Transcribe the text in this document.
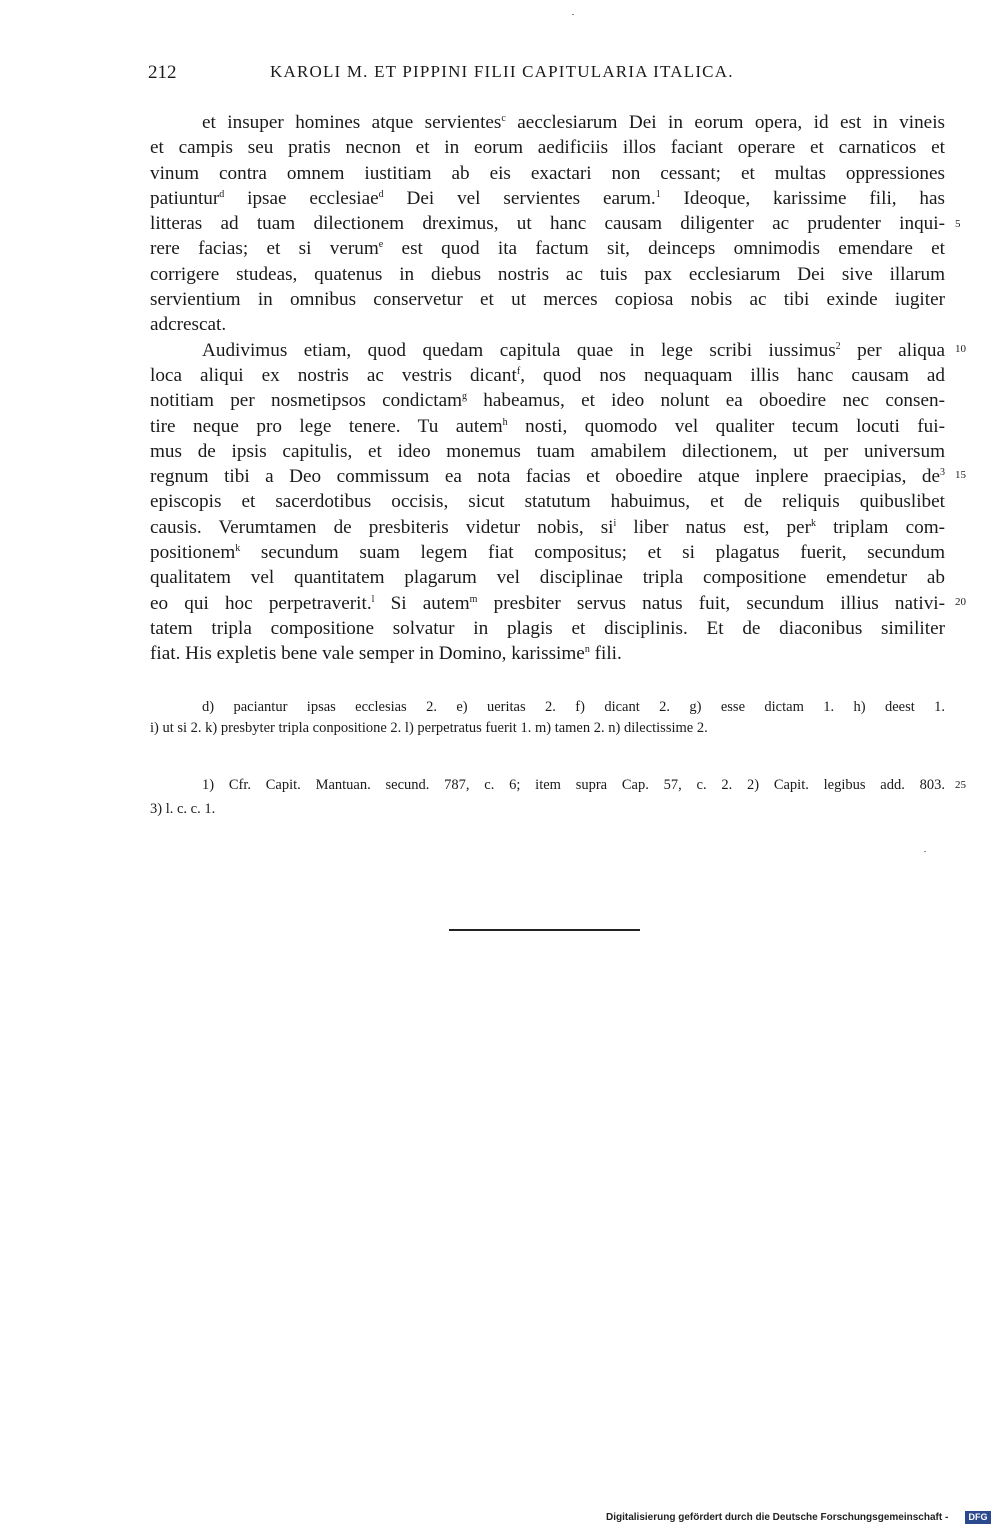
212	KAROLI M. ET PIPPINI FILII CAPITULARIA ITALICA.
et insuper homines atque servientes$^c$ aecclesiarum Dei in eorum opera, id est in vineis
et campis seu pratis necnon et in eorum aedificiis illos faciant operare et carnaticos et
vinum contra omnem iustitiam ab eis exactari non cessant; et multas oppressiones
patiuntur$^d$ ipsae ecclesiae$^d$ Dei vel servientes earum.$^1$ Ideoque, karissime fili, has
litteras ad tuam dilectionem dreximus, ut hanc causam diligenter ac prudenter inqui-
rere facias; et si verum$^e$ est quod ita factum sit, deinceps omnimodis emendare et
corrigere studeas, quatenus in diebus nostris ac tuis pax ecclesiarum Dei sive illarum
servientium in omnibus conservetur et ut merces copiosa nobis ac tibi exinde iugiter
adcrescat.
Audivimus etiam, quod quedam capitula quae in lege scribi iussimus$^2$ per aliqua
loca aliqui ex nostris ac vestris dicant$^f$, quod nos nequaquam illis hanc causam ad
notitiam per nosmetipsos condictam$^g$ habeamus, et ideo nolunt ea oboedire nec consen-
tire neque pro lege tenere. Tu autem$^h$ nosti, quomodo vel qualiter tecum locuti fui-
mus de ipsis capitulis, et ideo monemus tuam amabilem dilectionem, ut per universum
regnum tibi a Deo commissum ea nota facias et oboedire atque inplere praecipias, $de^3$
episcopis et sacerdotibus occisis, sicut statutum habuimus, et de reliquis quibuslibet
causis. Verumtamen de presbiteris videtur nobis, $si^i$ liber natus est, per$^k$ triplam com-
positionem$^k$ secundum suam legem fiat compositus; et si plagatus fuerit, secundum
qualitatem vel quantitatem plagarum vel disciplinae tripla compositione emendetur ab
eo qui hoc perpetraverit.$^l$ Si autem$^m$ presbiter servus natus fuit, secundum illius nativi-
tatem tripla compositione solvatur in plagis et disciplinis. Et de diaconibus similiter
fiat. His expletis bene vale semper in Domino, karissime$^n$ fili.
5
10
15
20
25
d) paciantur ipsas ecclesias 2. e) ueritas 2. f) dicant 2. g) esse dictam 1. h) deest 1.
i) ut si 2. k) presbyter tripla conpositione 2. l) perpetratus fuerit 1. m) tamen 2. n) dilectissime 2.
1) Cfr. Capit. Mantuan. secund. 787, c. 6; item supra Cap. 57, c. 2. 2) Capit. legibus add. 803.
3) l. c. c. 1.
Digitalisierung gefördert durch die Deutsche Forschungsgemeinschaft -	DFG
